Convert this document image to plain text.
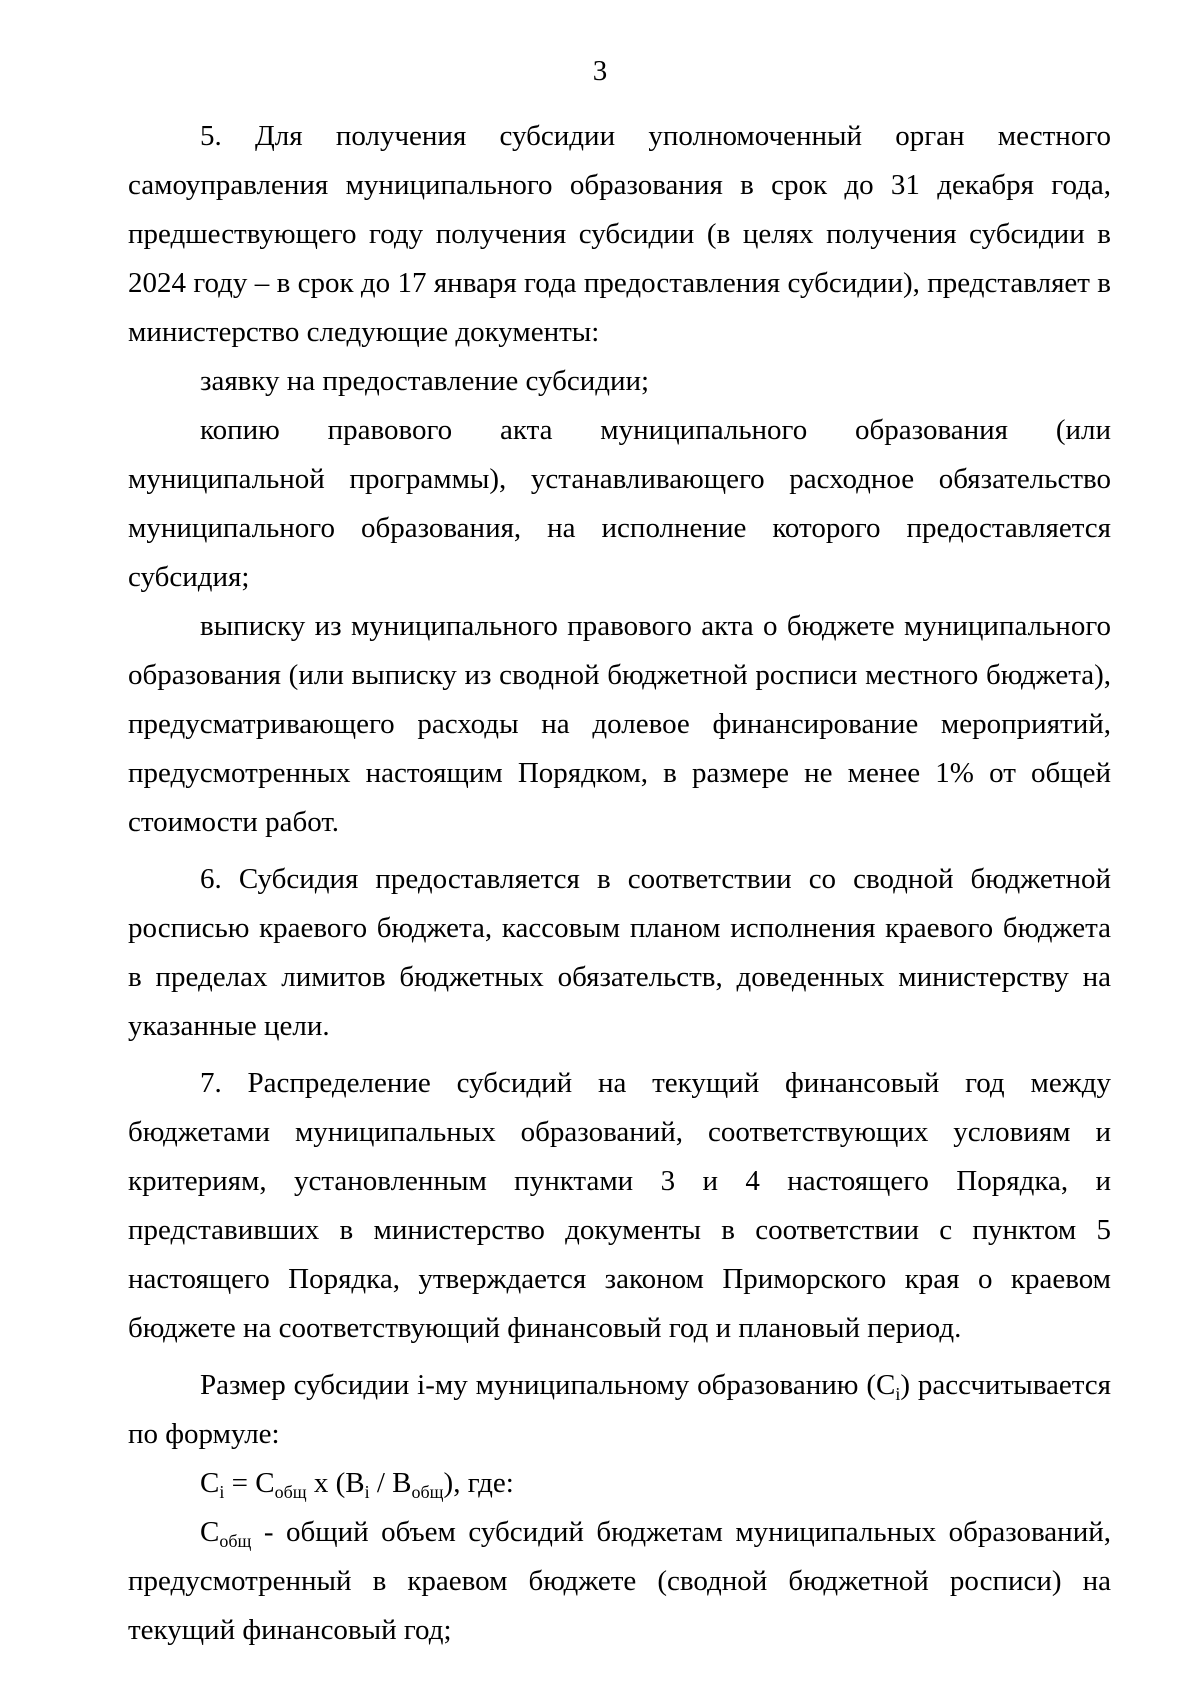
3

5. Для получения субсидии уполномоченный орган местного самоуправления муниципального образования в срок до 31 декабря года, предшествующего году получения субсидии (в целях получения субсидии в 2024 году – в срок до 17 января года предоставления субсидии), представляет в министерство следующие документы:

заявку на предоставление субсидии;

копию правового акта муниципального образования (или муниципальной программы), устанавливающего расходное обязательство муниципального образования, на исполнение которого предоставляется субсидия;

выписку из муниципального правового акта о бюджете муниципального образования (или выписку из сводной бюджетной росписи местного бюджета), предусматривающего расходы на долевое финансирование мероприятий, предусмотренных настоящим Порядком, в размере не менее 1% от общей стоимости работ.

6. Субсидия предоставляется в соответствии со сводной бюджетной росписью краевого бюджета, кассовым планом исполнения краевого бюджета в пределах лимитов бюджетных обязательств, доведенных министерству на указанные цели.

7. Распределение субсидий на текущий финансовый год между бюджетами муниципальных образований, соответствующих условиям и критериям, установленным пунктами 3 и 4 настоящего Порядка, и представивших в министерство документы в соответствии с пунктом 5 настоящего Порядка, утверждается законом Приморского края о краевом бюджете на соответствующий финансовый год и плановый период.

Размер субсидии i-му муниципальному образованию $(С_i)$ рассчитывается по формуле:

$С_i = С_{общ}$ х $(В_i / В_{общ})$, где:

$С_{общ}$ - общий объем субсидий бюджетам муниципальных образований, предусмотренный в краевом бюджете (сводной бюджетной росписи) на текущий финансовый год;
